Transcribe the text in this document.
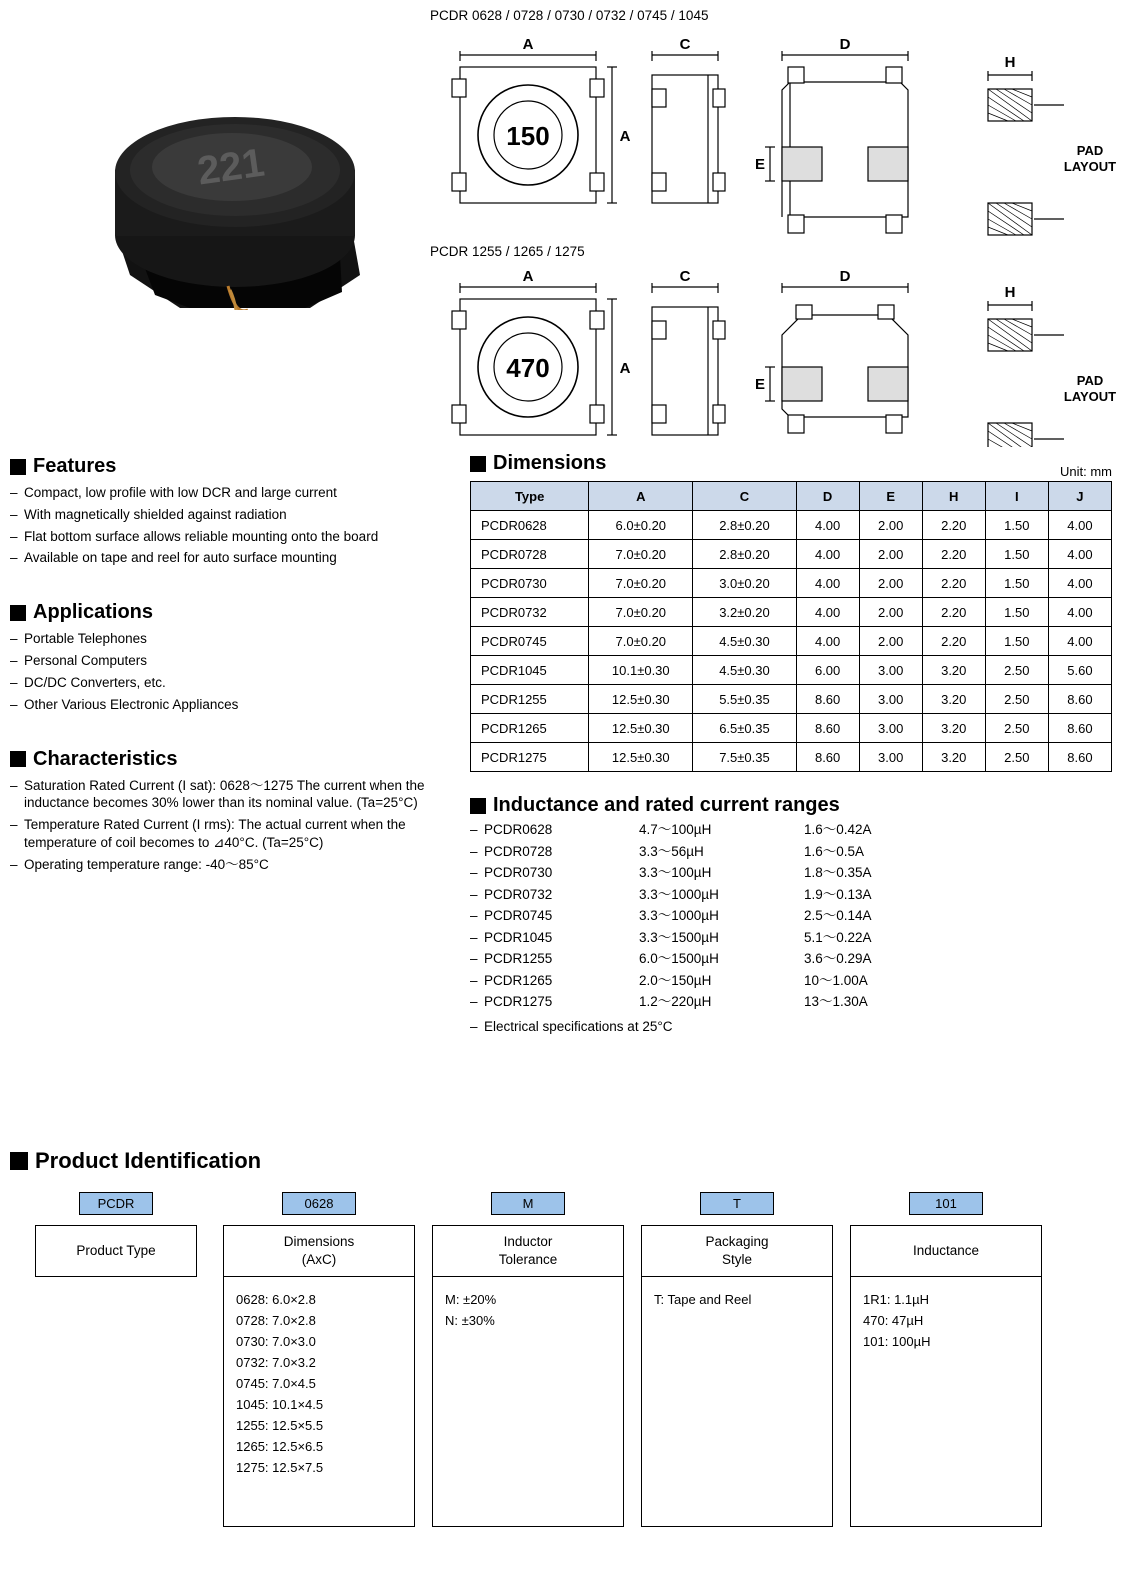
221
PCDR 0628 / 0728 / 0730 / 0732 / 0745 / 1045
A	C	D
H
A
E
A	C	D
H
A
E
150
470
PAD
LAYOUT
PAD
LAYOUT
PCDR 1255 / 1265 / 1275
Features
– Compact, low profile with low DCR and large current
– With magnetically shielded against radiation
– Flat bottom surface allows reliable mounting onto the board
– Available on tape and reel for auto surface mounting
Applications
– Portable Telephones
– Personal Computers
– DC/DC Converters, etc.
– Other Various Electronic Appliances
Characteristics
– Saturation Rated Current (I sat): 0628～1275 The current when the inductance becomes 30% lower than its nominal value. (Ta=25°C)
– Temperature Rated Current (I rms): The actual current when the temperature of coil becomes to ⊿40°C. (Ta=25°C)
– Operating temperature range: -40～85°C
Dimensions	Unit: mm
Type	A	C	D	E	H	I	J
PCDR0628	6.0±0.20	2.8±0.20	4.00	2.00	2.20	1.50	4.00
PCDR0728	7.0±0.20	2.8±0.20	4.00	2.00	2.20	1.50	4.00
PCDR0730	7.0±0.20	3.0±0.20	4.00	2.00	2.20	1.50	4.00
PCDR0732	7.0±0.20	3.2±0.20	4.00	2.00	2.20	1.50	4.00
PCDR0745	7.0±0.20	4.5±0.30	4.00	2.00	2.20	1.50	4.00
PCDR1045	10.1±0.30	4.5±0.30	6.00	3.00	3.20	2.50	5.60
PCDR1255	12.5±0.30	5.5±0.35	8.60	3.00	3.20	2.50	8.60
PCDR1265	12.5±0.30	6.5±0.35	8.60	3.00	3.20	2.50	8.60
PCDR1275	12.5±0.30	7.5±0.35	8.60	3.00	3.20	2.50	8.60
Inductance and rated current ranges
– PCDR0628	4.7～100µH	1.6～0.42A
– PCDR0728	3.3～56µH	1.6～0.5A
– PCDR0730	3.3～100µH	1.8～0.35A
– PCDR0732	3.3～1000µH	1.9～0.13A
– PCDR0745	3.3～1000µH	2.5～0.14A
– PCDR1045	3.3～1500µH	5.1～0.22A
– PCDR1255	6.0～1500µH	3.6～0.29A
– PCDR1265	2.0～150µH	10～1.00A
– PCDR1275	1.2～220µH	13～1.30A
– Electrical specifications at 25°C
Product Identification
PCDR
Product Type
0628
Dimensions
(AxC)
0628: 6.0×2.8
0728: 7.0×2.8
0730: 7.0×3.0
0732: 7.0×3.2
0745: 7.0×4.5
1045: 10.1×4.5
1255: 12.5×5.5
1265: 12.5×6.5
1275: 12.5×7.5
M
Inductor
Tolerance
M: ±20%
N: ±30%
T
Packaging
Style
T: Tape and Reel
101
Inductance
1R1: 1.1µH
470: 47µH
101: 100µH
